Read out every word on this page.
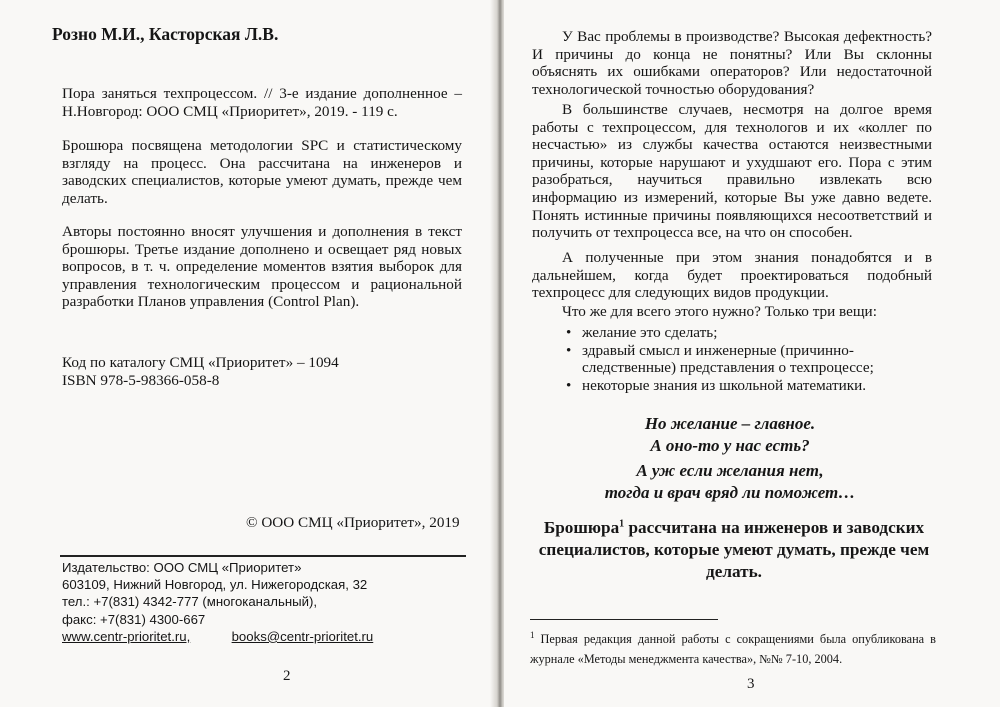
Розно М.И., Касторская Л.В.

Пора заняться техпроцессом. // 3-е издание дополненное – Н.Новгород: ООО СМЦ «Приоритет», 2019. - 119 с.

Брошюра посвящена методологии SPC и статистическому взгляду на процесс. Она рассчитана на инженеров и заводских специалистов, которые умеют думать, прежде чем делать.

Авторы постоянно вносят улучшения и дополнения в текст брошюры. Третье издание дополнено и освещает ряд новых вопросов, в т. ч. определение моментов взятия выборок для управления технологическим процессом и рациональной разработки Планов управления (Control Plan).

Код по каталогу СМЦ «Приоритет» – 1094

ISBN 978-5-98366-058-8

© ООО СМЦ «Приоритет», 2019

Издательство: ООО СМЦ «Приоритет»
603109, Нижний Новгород, ул. Нижегородская, 32
тел.: +7(831) 4342-777 (многоканальный),
факс: +7(831) 4300-667
www.centr-prioritet.ru,	books@centr-prioritet.ru

2

У Вас проблемы в производстве? Высокая дефектность? И причины до конца не понятны? Или Вы склонны объяснять их ошибками операторов? Или недостаточной технологической точностью оборудования?

В большинстве случаев, несмотря на долгое время работы с техпроцессом, для технологов и их «коллег по несчастью» из службы качества остаются неизвестными причины, которые нарушают и ухудшают его. Пора с этим разобраться, научиться правильно извлекать всю информацию из измерений, которые Вы уже давно ведете. Понять истинные причины появляющихся несоответствий и получить от техпроцесса все, на что он способен.

А полученные при этом знания понадобятся и в дальнейшем, когда будет проектироваться подобный техпроцесс для следующих видов продукции.

Что же для всего этого нужно? Только три вещи:

• желание это сделать;
• здравый смысл и инженерные (причинно-
следственные) представления о техпроцессе;
• некоторые знания из школьной математики.
Но желание – главное.
А оно-то у нас есть?
А уж если желания нет,
тогда и врач вряд ли поможет…

Брошюра$^1$ рассчитана на инженеров и заводских специалистов, которые умеют думать, прежде чем делать.

$^1$ Первая редакция данной работы с сокращениями была опубликована в журнале «Методы менеджмента качества», №№ 7-10, 2004.

3
